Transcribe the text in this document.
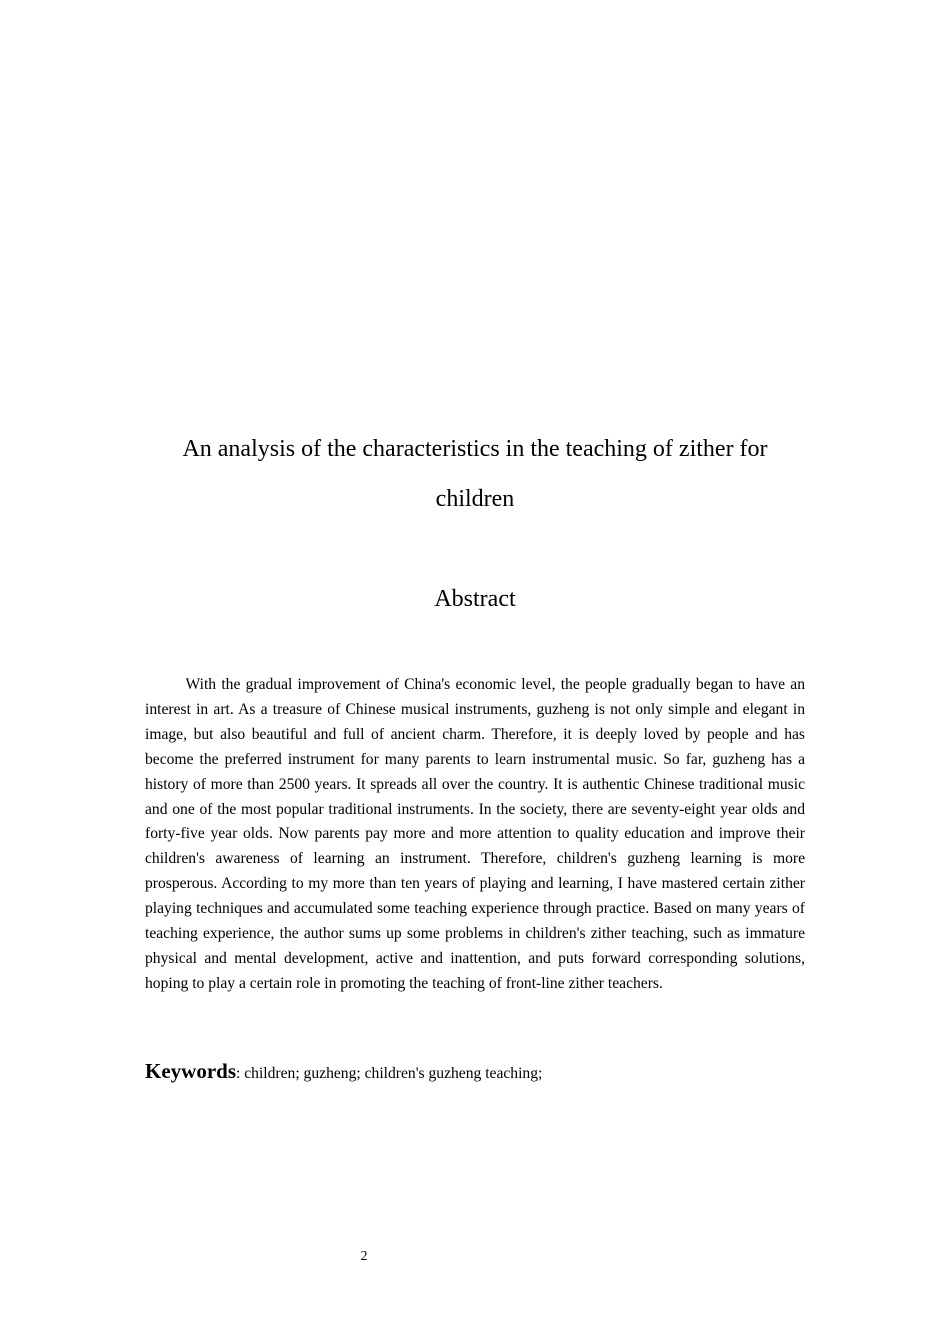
An analysis of the characteristics in the teaching of zither for
children
Abstract

With the gradual improvement of China's economic level, the people gradually began to have an interest in art. As a treasure of Chinese musical instruments, guzheng is not only simple and elegant in image, but also beautiful and full of ancient charm. Therefore, it is deeply loved by people and has become the preferred instrument for many parents to learn instrumental music. So far, guzheng has a history of more than 2500 years. It spreads all over the country. It is authentic Chinese traditional music and one of the most popular traditional instruments. In the society, there are seventy-eight year olds and forty-five year olds. Now parents pay more and more attention to quality education and improve their children's awareness of learning an instrument. Therefore, children's guzheng learning is more prosperous. According to my more than ten years of playing and learning, I have mastered certain zither playing techniques and accumulated some teaching experience through practice. Based on many years of teaching experience, the author sums up some problems in children's zither teaching, such as immature physical and mental development, active and inattention, and puts forward corresponding solutions, hoping to play a certain role in promoting the teaching of front-line zither teachers.

Keywords: children; guzheng; children's guzheng teaching;

2
